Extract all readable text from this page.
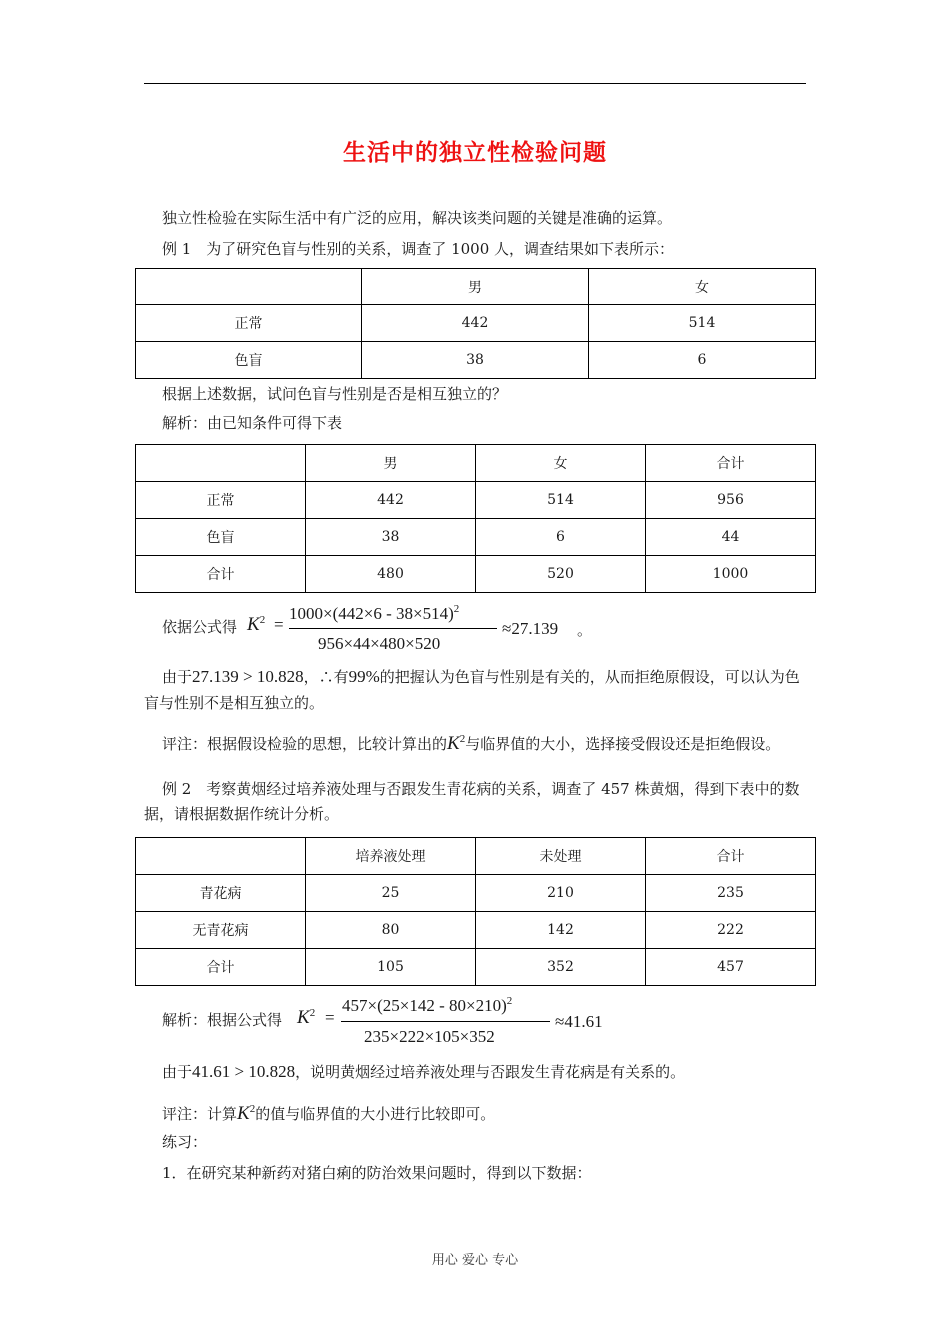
生活中的独立性检验问题
独立性检验在实际生活中有广泛的应用，解决该类问题的关键是准确的运算。
例 1　为了研究色盲与性别的关系，调查了 1000 人，调查结果如下表所示：
	男	女
正常	442	514
色盲	38	6
根据上述数据，试问色盲与性别是否是相互独立的？
解析：由已知条件可得下表
	男	女	合计
正常	442	514	956
色盲	38	6	44
合计	480	520	1000
依据公式得 $K^2$ =
$1000\times(442\times 6 - 38\times 514)^2$
956×44×480×520
≈27.139 。
由于27.139 > 10.828，∴有99%的把握认为色盲与性别是有关的，从而拒绝原假设，可以认为色盲与性别不是相互独立的。
评注：根据假设检验的思想，比较计算出的$K^2$与临界值的大小，选择接受假设还是拒绝假设。
例 2　考察黄烟经过培养液处理与否跟发生青花病的关系，调查了 457 株黄烟，得到下表中的数据，请根据数据作统计分析。
	培养液处理	未处理	合计
青花病	25	210	235
无青花病	80	142	222
合计	105	352	457
解析：根据公式得 $K^2$ =
$457\times(25\times 142 - 80\times 210)^2$
235×222×105×352
≈41.61
由于41.61 > 10.828，说明黄烟经过培养液处理与否跟发生青花病是有关系的。
评注：计算$K^2$的值与临界值的大小进行比较即可。
练习：
1．在研究某种新药对猪白痢的防治效果问题时，得到以下数据：
用心 爱心 专心
